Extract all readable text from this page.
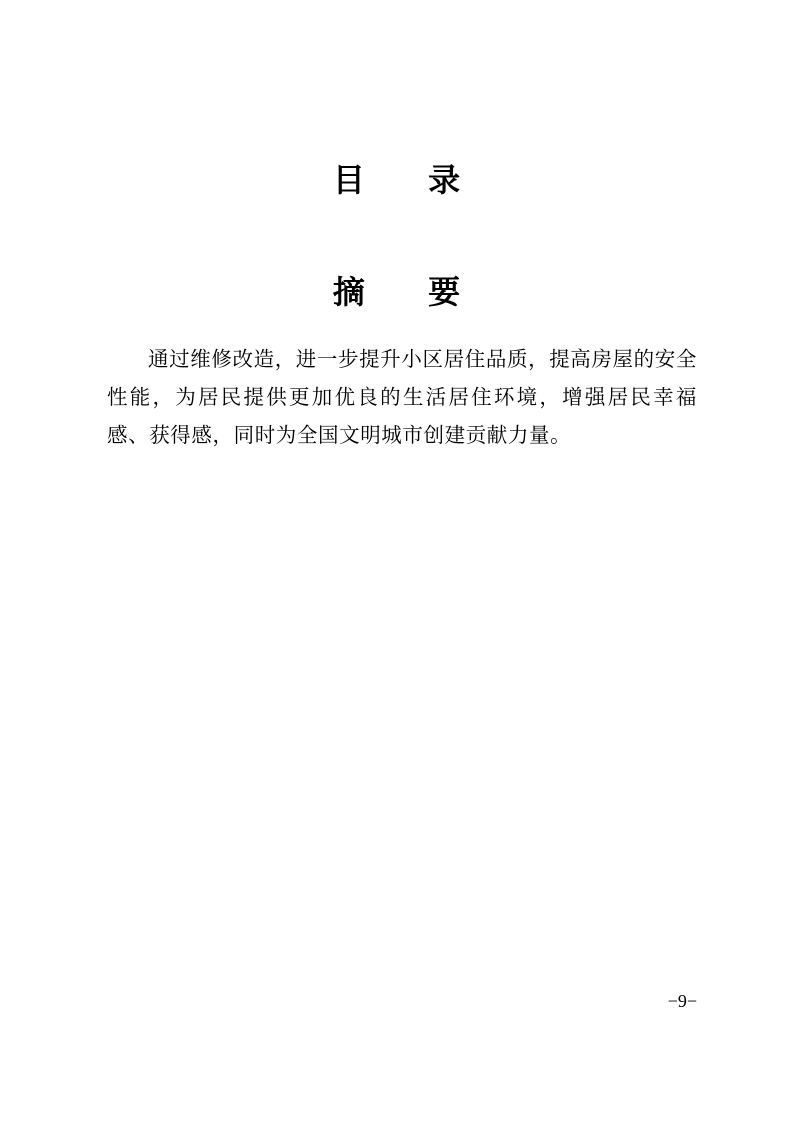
目 录
摘 要

通过维修改造，进一步提升小区居住品质，提高房屋的安全性能，为居民提供更加优良的生活居住环境，增强居民幸福感、获得感，同时为全国文明城市创建贡献力量。

−9−
